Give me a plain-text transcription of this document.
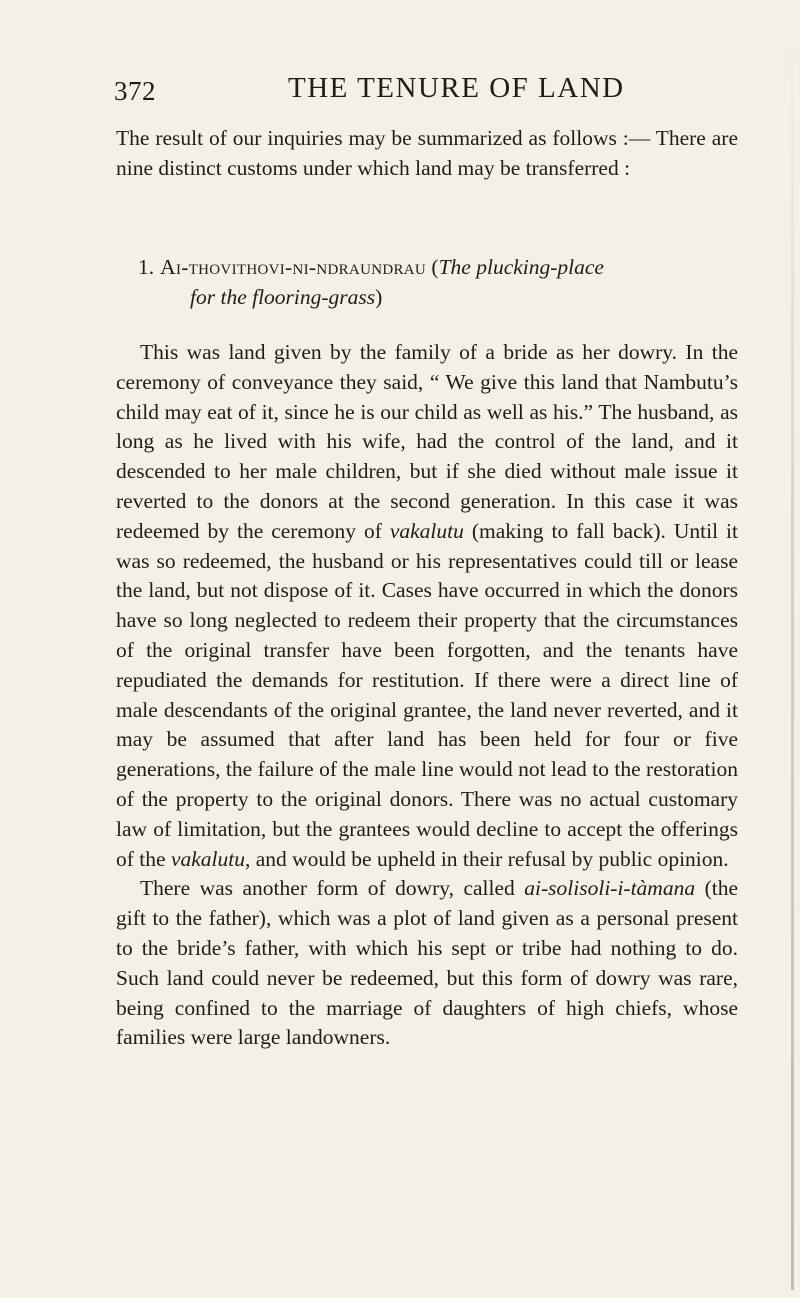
372	THE TENURE OF LAND

The result of our inquiries may be summarized as follows :— There are nine distinct customs under which land may be transferred :

1. Ai-thovithovi-ni-ndraundrau (The plucking-place
for the flooring-grass)

This was land given by the family of a bride as her dowry. In the ceremony of conveyance they said, “ We give this land that Nambutu’s child may eat of it, since he is our child as well as his.” The husband, as long as he lived with his wife, had the control of the land, and it descended to her male children, but if she died without male issue it reverted to the donors at the second generation. In this case it was redeemed by the ceremony of vakalutu (making to fall back). Until it was so redeemed, the husband or his representatives could till or lease the land, but not dispose of it. Cases have occurred in which the donors have so long neglected to redeem their property that the circumstances of the original transfer have been forgotten, and the tenants have repudiated the demands for restitution. If there were a direct line of male descendants of the original grantee, the land never reverted, and it may be assumed that after land has been held for four or five generations, the failure of the male line would not lead to the restoration of the property to the original donors. There was no actual customary law of limitation, but the grantees would decline to accept the offerings of the vakalutu, and would be upheld in their refusal by public opinion.

There was another form of dowry, called ai-solisoli-i-tàmana (the gift to the father), which was a plot of land given as a personal present to the bride’s father, with which his sept or tribe had nothing to do. Such land could never be redeemed, but this form of dowry was rare, being confined to the marriage of daughters of high chiefs, whose families were large landowners.
